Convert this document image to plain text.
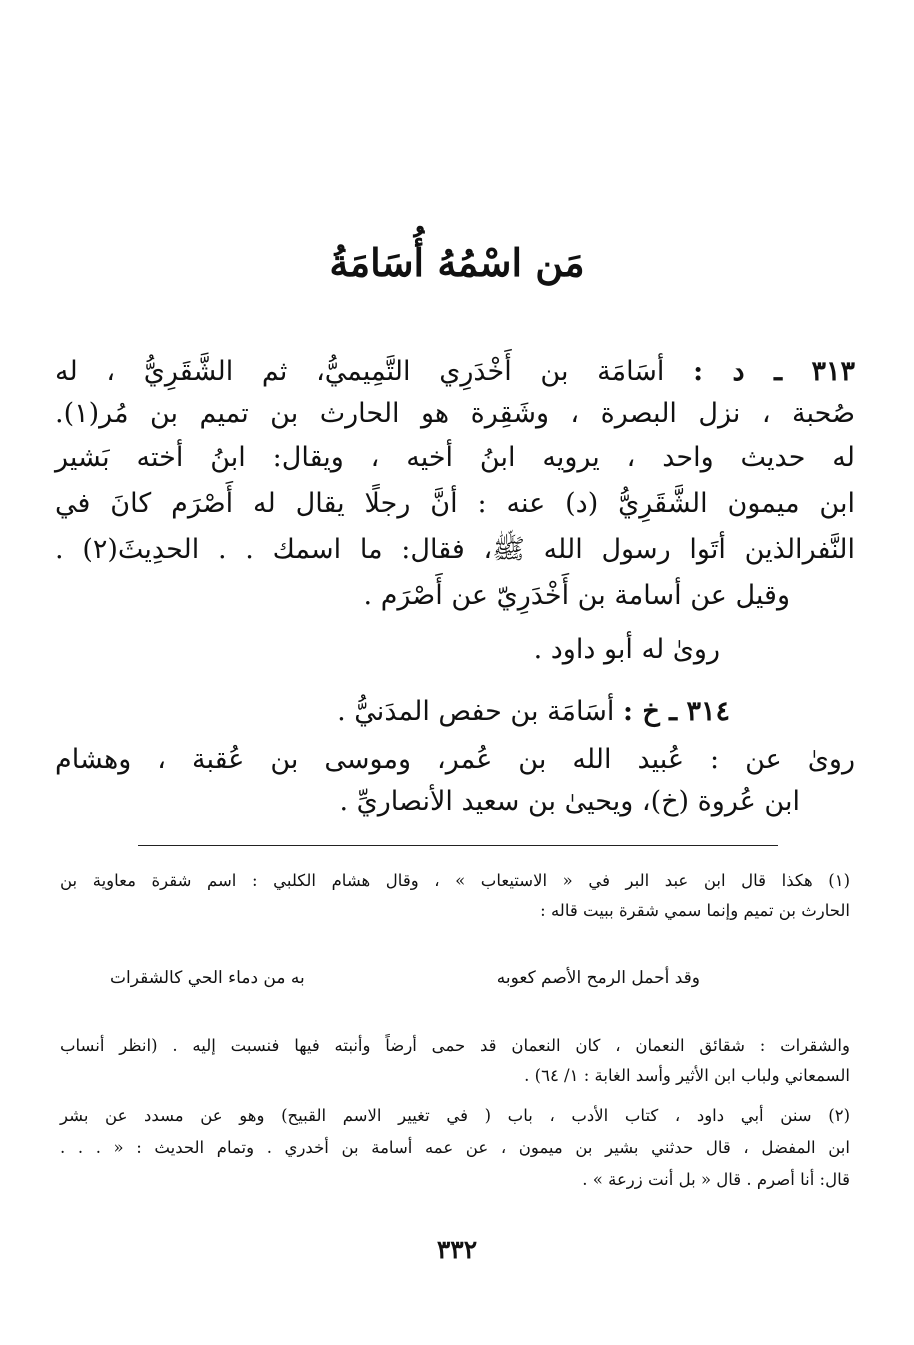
مَن اسْمُهُ أُسَامَةُ
٣١٣ ـ د : أسَامَة بن أَخْدَرِي التَّمِيميُّ، ثم الشَّقَرِيُّ ، له
صُحبة ، نزل البصرة ، وشَقِرة هو الحارث بن تميم بن مُر(١).
له حديث واحد ، يرويه ابنُ أخيه ، ويقال: ابنُ أخته بَشير
ابن ميمون الشَّقَرِيُّ (د) عنه : أنَّ رجلًا يقال له أَصْرَم كانَ في
النَّفرالذين أتَوا رسول الله ﷺ، فقال: ما اسمك . . الحدِيثَ(٢) .
وقيل عن أسامة بن أَخْدَرِيّ عن أَصْرَم .
روىٰ له أبو داود .
٣١٤ ـ خ : أسَامَة بن حفص المدَنيُّ .
روىٰ عن : عُبيد الله بن عُمر، وموسى بن عُقبة ، وهشام
ابن عُروة (خ)، ويحيىٰ بن سعيد الأنصاريِّ .
(١) هكذا قال ابن عبد البر في « الاستيعاب » ، وقال هشام الكلبي : اسم شقرة معاوية بن
الحارث بن تميم وإنما سمي شقرة ببيت قاله :
وقد أحمل الرمح الأصم كعوبه
به من دماء الحي كالشقرات
والشقرات : شقائق النعمان ، كان النعمان قد حمى أرضاً وأنبته فيها فنسبت إليه . (انظر أنساب
السمعاني ولباب ابن الأثير وأسد الغابة : ١/ ٦٤) .
(٢) سنن أبي داود ، كتاب الأدب ، باب ( في تغيير الاسم القبيح) وهو عن مسدد عن بشر
ابن المفضل ، قال حدثني بشير بن ميمون ، عن عمه أسامة بن أخدري . وتمام الحديث : « . . .
قال: أنا أصرم . قال « بل أنت زرعة » .
٣٣٢
